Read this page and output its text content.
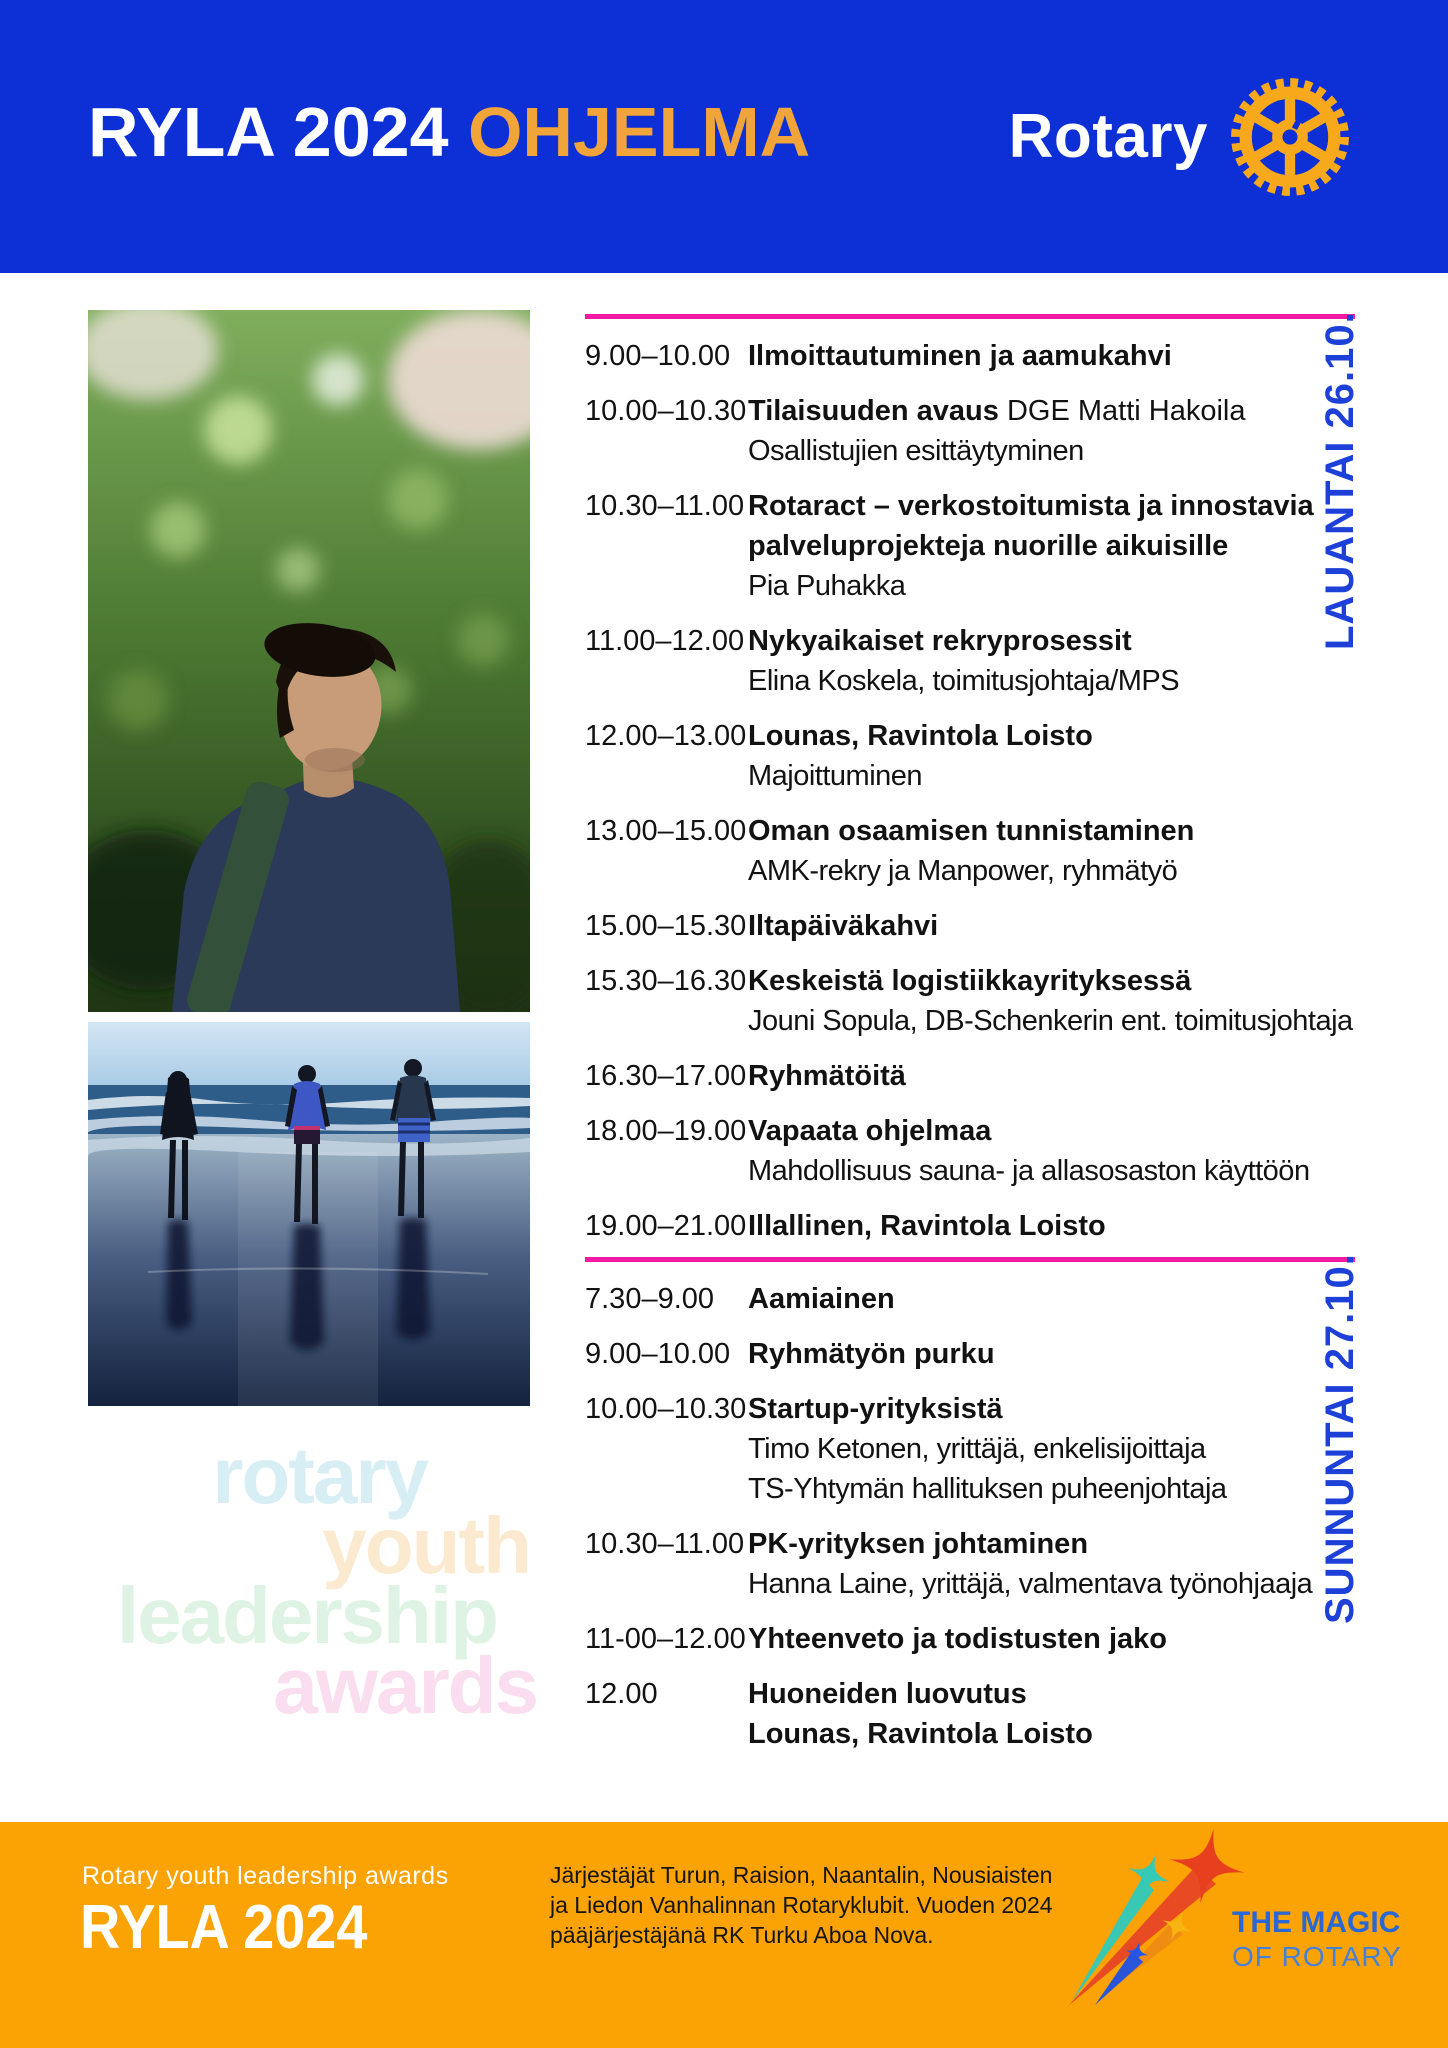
RYLA 2024 OHJELMA	Rotary
rotary
youth
leadership
awards
9.00–10.00 Ilmoittautuminen ja aamukahvi
10.00–10.30 Tilaisuuden avaus DGE Matti Hakoila
Osallistujien esittäytyminen
10.30–11.00 Rotaract – verkostoitumista ja innostavia palveluprojekteja nuorille aikuisille
Pia Puhakka
11.00–12.00 Nykyaikaiset rekryprosessit
Elina Koskela, toimitusjohtaja/MPS
12.00–13.00 Lounas, Ravintola Loisto
Majoittuminen
13.00–15.00 Oman osaamisen tunnistaminen
AMK-rekry ja Manpower, ryhmätyö
15.00–15.30 Iltapäiväkahvi
15.30–16.30 Keskeistä logistiikkayrityksessä
Jouni Sopula, DB-Schenkerin ent. toimitusjohtaja
16.30–17.00 Ryhmätöitä
18.00–19.00 Vapaata ohjelmaa
Mahdollisuus sauna- ja allasosaston käyttöön
19.00–21.00 Illallinen, Ravintola Loisto
7.30–9.00	Aamiainen
9.00–10.00 Ryhmätyön purku
10.00–10.30 Startup-yrityksistä
Timo Ketonen, yrittäjä, enkelisijoittaja
TS-Yhtymän hallituksen puheenjohtaja
10.30–11.00 PK-yrityksen johtaminen
Hanna Laine, yrittäjä, valmentava työnohjaaja
11-00–12.00 Yhteenveto ja todistusten jako
12.00	Huoneiden luovutus
Lounas, Ravintola Loisto
LAUANTAI 26.10.
SUNNUNTAI 27.10.
Rotary youth leadership awards
RYLA 2024
Järjestäjät Turun, Raision, Naantalin, Nousiaisten
ja Liedon Vanhalinnan Rotaryklubit. Vuoden 2024
pääjärjestäjänä RK Turku Aboa Nova.	THE MAGIC
OF ROTARY
